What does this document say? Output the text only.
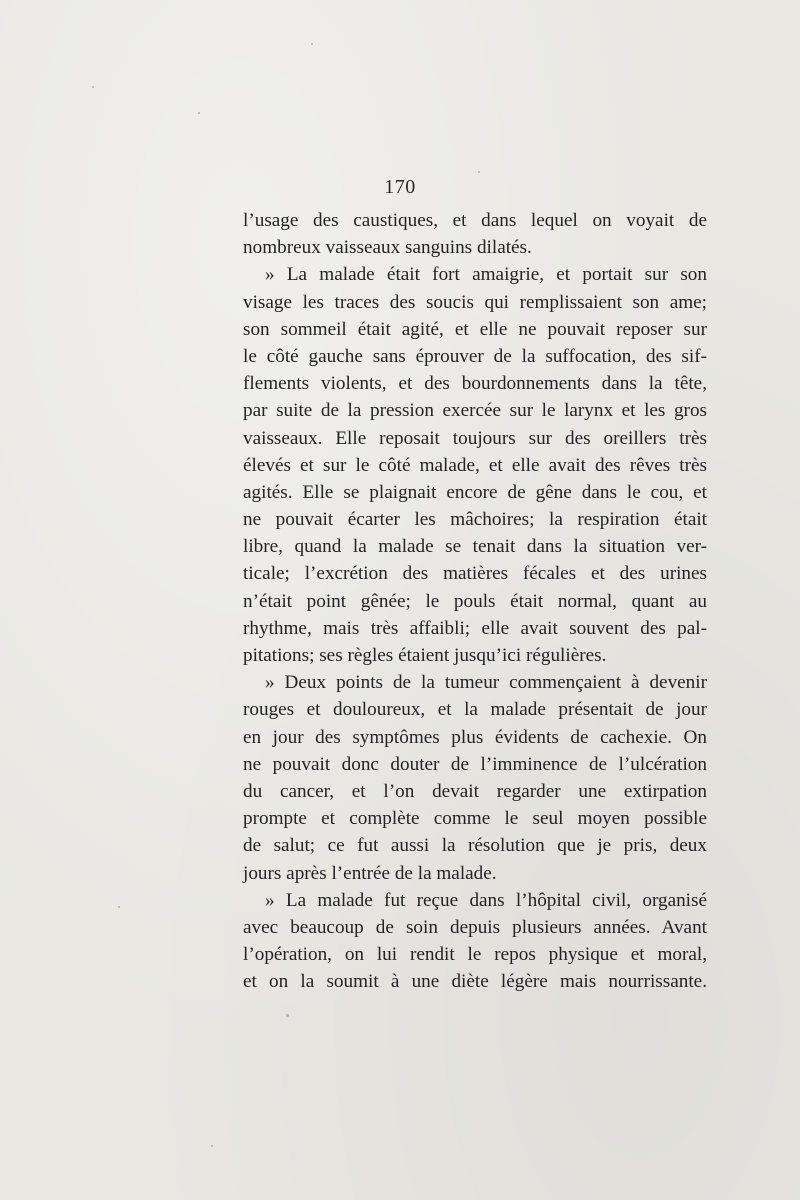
170
l’usage des caustiques, et dans lequel on voyait de
nombreux vaisseaux sanguins dilatés.
» La malade était fort amaigrie, et portait sur son
visage les traces des soucis qui remplissaient son ame;
son sommeil était agité, et elle ne pouvait reposer sur
le côté gauche sans éprouver de la suffocation, des sif-
flements violents, et des bourdonnements dans la tête,
par suite de la pression exercée sur le larynx et les gros
vaisseaux. Elle reposait toujours sur des oreillers très
élevés et sur le côté malade, et elle avait des rêves très
agités. Elle se plaignait encore de gêne dans le cou, et
ne pouvait écarter les mâchoires; la respiration était
libre, quand la malade se tenait dans la situation ver-
ticale; l’excrétion des matières fécales et des urines
n’était point gênée; le pouls était normal, quant au
rhythme, mais très affaibli; elle avait souvent des pal-
pitations; ses règles étaient jusqu’ici régulières.
» Deux points de la tumeur commençaient à devenir
rouges et douloureux, et la malade présentait de jour
en jour des symptômes plus évidents de cachexie. On
ne pouvait donc douter de l’imminence de l’ulcération
du cancer, et l’on devait regarder une extirpation
prompte et complète comme le seul moyen possible
de salut; ce fut aussi la résolution que je pris, deux
jours après l’entrée de la malade.
» La malade fut reçue dans l’hôpital civil, organisé
avec beaucoup de soin depuis plusieurs années. Avant
l’opération, on lui rendit le repos physique et moral,
et on la soumit à une diète légère mais nourrissante.
